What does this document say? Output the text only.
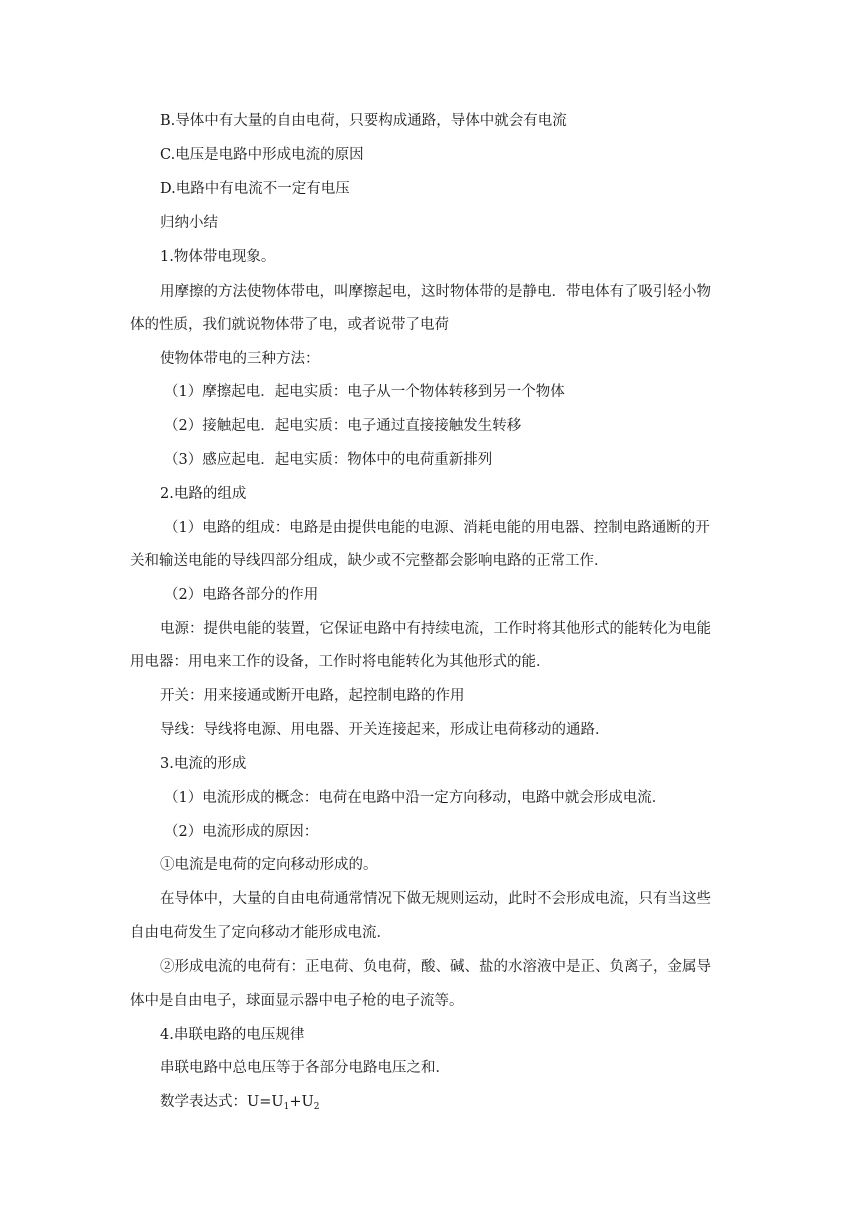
B.导体中有大量的自由电荷，只要构成通路，导体中就会有电流
C.电压是电路中形成电流的原因
D.电路中有电流不一定有电压
归纳小结
1.物体带电现象。
用摩擦的方法使物体带电，叫摩擦起电，这时物体带的是静电．带电体有了吸引轻小物
体的性质，我们就说物体带了电，或者说带了电荷
使物体带电的三种方法：
（1）摩擦起电．起电实质：电子从一个物体转移到另一个物体
（2）接触起电．起电实质：电子通过直接接触发生转移
（3）感应起电．起电实质：物体中的电荷重新排列
2.电路的组成
（1）电路的组成：电路是由提供电能的电源、消耗电能的用电器、控制电路通断的开
关和输送电能的导线四部分组成，缺少或不完整都会影响电路的正常工作．
（2）电路各部分的作用
电源：提供电能的装置，它保证电路中有持续电流，工作时将其他形式的能转化为电能
用电器：用电来工作的设备，工作时将电能转化为其他形式的能．
开关：用来接通或断开电路，起控制电路的作用
导线：导线将电源、用电器、开关连接起来，形成让电荷移动的通路．
3.电流的形成
（1）电流形成的概念：电荷在电路中沿一定方向移动，电路中就会形成电流．
（2）电流形成的原因：
①电流是电荷的定向移动形成的。
在导体中，大量的自由电荷通常情况下做无规则运动，此时不会形成电流，只有当这些
自由电荷发生了定向移动才能形成电流．
②形成电流的电荷有：正电荷、负电荷，酸、碱、盐的水溶液中是正、负离子，金属导
体中是自由电子，球面显示器中电子枪的电子流等。
4.串联电路的电压规律
串联电路中总电压等于各部分电路电压之和．
数学表达式：$U=U_1+U_2$
